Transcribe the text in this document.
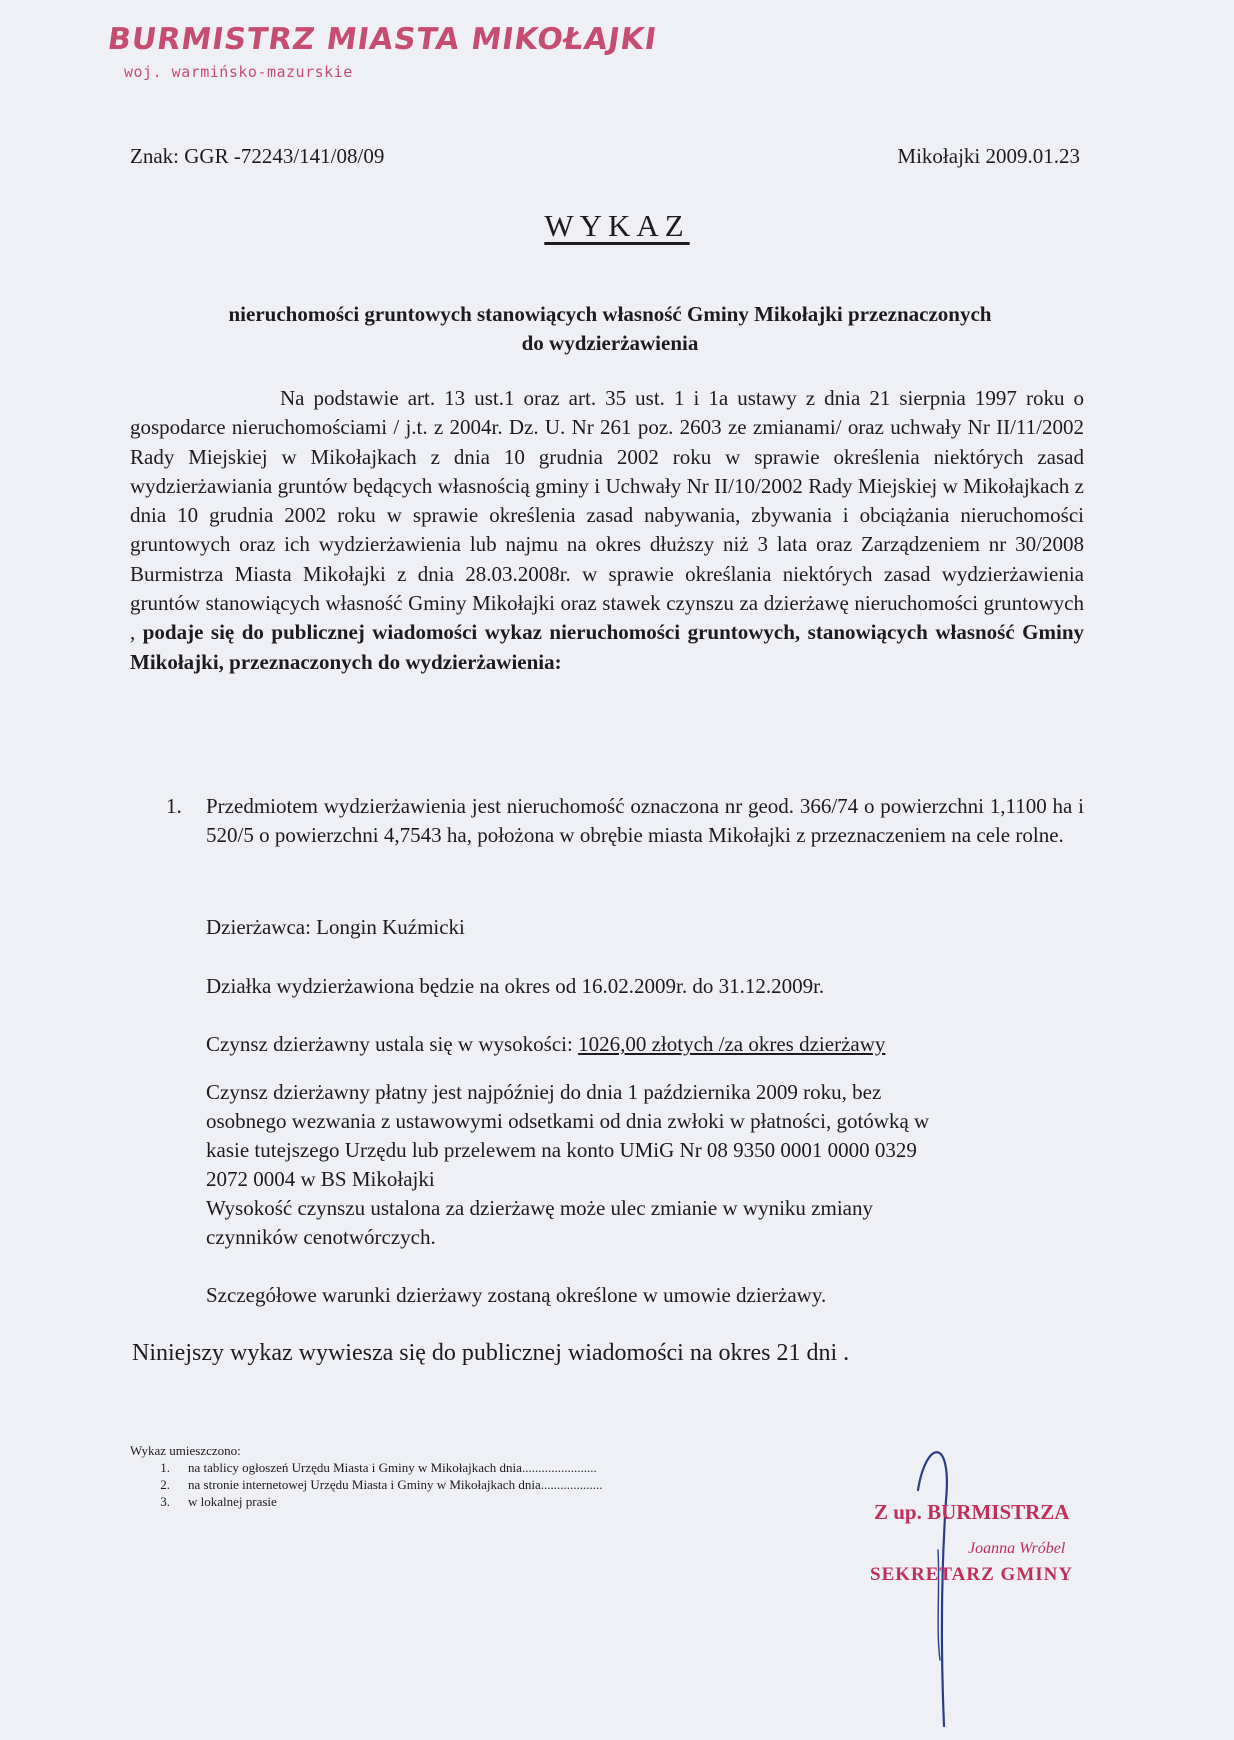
BURMISTRZ MIASTA MIKOŁAJKI
woj. warmińsko-mazurskie
Znak: GGR -72243/141/08/09	Mikołajki 2009.01.23
WYKAZ
nieruchomości gruntowych stanowiących własność Gminy Mikołajki przeznaczonych
do wydzierżawienia
Na podstawie art. 13 ust.1 oraz art. 35 ust. 1 i 1a ustawy z dnia 21 sierpnia 1997 roku o gospodarce nieruchomościami / j.t. z 2004r. Dz. U. Nr 261 poz. 2603 ze zmianami/ oraz uchwały Nr II/11/2002 Rady Miejskiej w Mikołajkach z dnia 10 grudnia 2002 roku w sprawie określenia niektórych zasad wydzierżawiania gruntów będących własnością gminy i Uchwały Nr II/10/2002 Rady Miejskiej w Mikołajkach z dnia 10 grudnia 2002 roku w sprawie określenia zasad nabywania, zbywania i obciążania nieruchomości gruntowych oraz ich wydzierżawienia lub najmu na okres dłuższy niż 3 lata oraz Zarządzeniem nr 30/2008 Burmistrza Miasta Mikołajki z dnia 28.03.2008r. w sprawie określania niektórych zasad wydzierżawienia gruntów stanowiących własność Gminy Mikołajki oraz stawek czynszu za dzierżawę nieruchomości gruntowych , podaje się do publicznej wiadomości wykaz nieruchomości gruntowych, stanowiących własność Gminy Mikołajki, przeznaczonych do wydzierżawienia:
1. Przedmiotem wydzierżawienia jest nieruchomość oznaczona nr geod. 366/74 o powierzchni 1,1100 ha i 520/5 o powierzchni 4,7543 ha, położona w obrębie miasta Mikołajki z przeznaczeniem na cele rolne.
Dzierżawca: Longin Kuźmicki
Działka wydzierżawiona będzie na okres od 16.02.2009r. do 31.12.2009r.
Czynsz dzierżawny ustala się w wysokości: 1026,00 złotych /za okres dzierżawy
Czynsz dzierżawny płatny jest najpóźniej do dnia 1 października 2009 roku, bez
osobnego wezwania z ustawowymi odsetkami od dnia zwłoki w płatności, gotówką w
kasie tutejszego Urzędu lub przelewem na konto UMiG Nr 08 9350 0001 0000 0329
2072 0004 w BS Mikołajki
Wysokość czynszu ustalona za dzierżawę może ulec zmianie w wyniku zmiany
czynników cenotwórczych.
Szczegółowe warunki dzierżawy zostaną określone w umowie dzierżawy.
Niniejszy wykaz wywiesza się do publicznej wiadomości na okres 21 dni .
Wykaz umieszczono:
1.	na tablicy ogłoszeń Urzędu Miasta i Gminy w Mikołajkach dnia.......................
2.	na stronie internetowej Urzędu Miasta i Gminy w Mikołajkach dnia...................
3.	w lokalnej prasie	Z up. BURMISTRZA
Joanna Wróbel
SEKRETARZ GMINY
